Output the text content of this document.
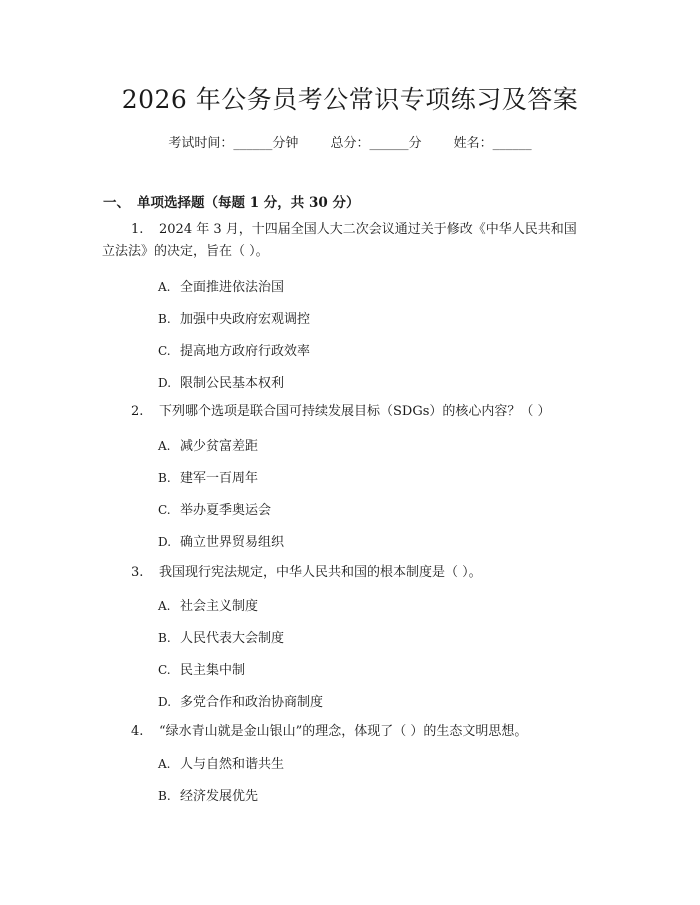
2026 年公务员考公常识专项练习及答案
考试时间：______分钟 总分：______分 姓名：______
一、 单项选择题（每题 1 分，共 30 分）
1. 2024 年 3 月，十四届全国人大二次会议通过关于修改《中华人民共和国
立法法》的决定，旨在（ ）。
A. 全面推进依法治国
B. 加强中央政府宏观调控
C. 提高地方政府行政效率
D. 限制公民基本权利
2. 下列哪个选项是联合国可持续发展目标（SDGs）的核心内容？（ ）
A. 减少贫富差距
B. 建军一百周年
C. 举办夏季奥运会
D. 确立世界贸易组织
3. 我国现行宪法规定，中华人民共和国的根本制度是（ ）。
A. 社会主义制度
B. 人民代表大会制度
C. 民主集中制
D. 多党合作和政治协商制度
4. “绿水青山就是金山银山”的理念，体现了（ ）的生态文明思想。
A. 人与自然和谐共生
B. 经济发展优先
